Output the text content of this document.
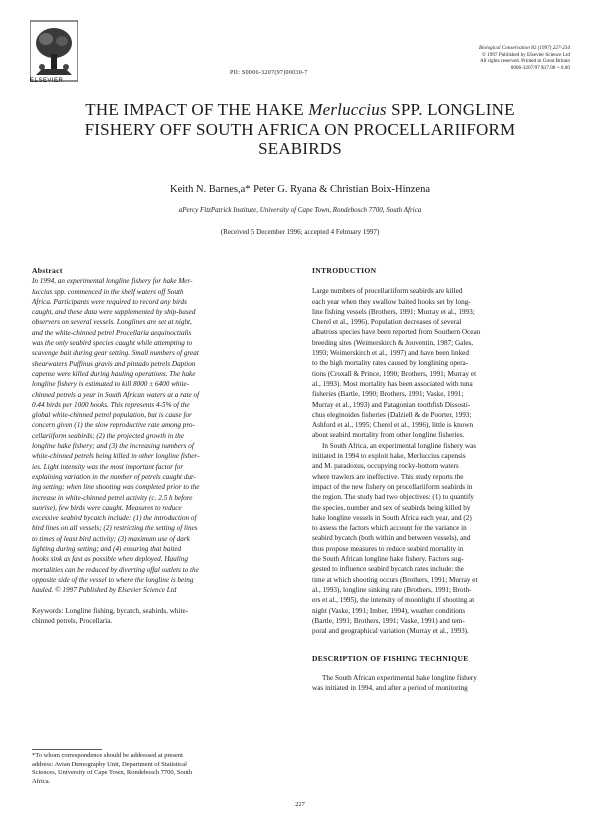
ELSEVIER
PII: S0006-3207(97)00030-7
Biological Conservation 82 (1997) 227-234
© 1997 Published by Elsevier Science Ltd
All rights reserved. Printed in Great Britain
0006-3207/97 $17.00 + 0.00
THE IMPACT OF THE HAKE Merluccius SPP. LONGLINE
FISHERY OFF SOUTH AFRICA ON PROCELLARIIFORM
SEABIRDS
Keith N. Barnes,a* Peter G. Ryana & Christian Boix-Hinzena
aPercy FitzPatrick Institute, University of Cape Town, Rondebosch 7700, South Africa
(Received 5 December 1996; accepted 4 February 1997)
Abstract
In 1994, an experimental longline fishery for hake Mer-
luccius spp. commenced in the shelf waters off South
Africa. Participants were required to record any birds
caught, and these data were supplemented by ship-based
observers on several vessels. Longlines are set at night,
and the white-chinned petrel Procellaria aequinoctialis
was the only seabird species caught while attempting to
scavenge bait during gear setting. Small numbers of great
shearwaters Puffinus gravis and pintado petrels Daption
capense were killed during hauling operations. The hake
longline fishery is estimated to kill 8000 ± 6400 white-
chinned petrels a year in South African waters at a rate of
0.44 birds per 1000 hooks. This represents 4-5% of the
global white-chinned petrel population, but is cause for
concern given (1) the slow reproductive rate among pro-
cellariiform seabirds; (2) the projected growth in the
longline hake fishery; and (3) the increasing numbers of
white-chinned petrels being killed in other longline fisher-
ies. Light intensity was the most important factor for
explaining variation in the number of petrels caught dur-
ing setting; when line shooting was completed prior to the
increase in white-chinned petrel activity (c. 2.5 h before
sunrise), few birds were caught. Measures to reduce
excessive seabird bycatch include: (1) the introduction of
bird lines on all vessels; (2) restricting the setting of lines
to times of least bird activity; (3) maximum use of dark
lighting during setting; and (4) ensuring that baited
hooks sink as fast as possible when deployed. Hauling
mortalities can be reduced by diverting offal outlets to the
opposite side of the vessel to where the longline is being
hauled. © 1997 Published by Elsevier Science Ltd
Keywords: Longline fishing, bycatch, seabirds, white-
chinned petrels, Procellaria.
*To whom correspondence should be addressed at present
address: Avian Demography Unit, Department of Statistical
Sciences, University of Cape Town, Rondebosch 7700, South
Africa.
INTRODUCTION
Large numbers of procellariiform seabirds are killed
each year when they swallow baited hooks set by long-
line fishing vessels (Brothers, 1991; Murray et al., 1993;
Cherel et al., 1996). Population decreases of several
albatross species have been reported from Southern Ocean
breeding sites (Weimerskirch & Jouventin, 1987; Gales,
1993; Weimerskirch et al., 1997) and have been linked
to the high mortality rates caused by longlining opera-
tions (Croxall & Prince, 1990; Brothers, 1991; Murray et
al., 1993). Most mortality has been associated with tuna
fisheries (Bartle, 1990; Brothers, 1991; Vaske, 1991;
Murray et al., 1993) and Patagonian toothfish Dissosti-
chus eleginoides fisheries (Dalziell & de Poorter, 1993;
Ashford et al., 1995; Cherel et al., 1996), little is known
about seabird mortality from other longline fisheries.
In South Africa, an experimental longline fishery was
initiated in 1994 to exploit hake, Merluccius capensis
and M. paradoxus, occupying rocky-bottom waters
where trawlers are ineffective. This study reports the
impact of the new fishery on procellariiform seabirds in
the region. The study had two objectives: (1) to quantify
the species, number and sex of seabirds being killed by
hake longline vessels in South Africa each year, and (2)
to assess the factors which account for the variance in
seabird bycatch (both within and between vessels), and
thus propose measures to reduce seabird mortality in
the South African longline hake fishery. Factors sug-
gested to influence seabird bycatch rates include: the
time at which shooting occurs (Brothers, 1991; Murray et
al., 1993), longline sinking rate (Brothers, 1991; Broth-
ers et al., 1995), the intensity of moonlight if shooting at
night (Vaske, 1991; Imber, 1994), weather conditions
(Bartle, 1991; Brothers, 1991; Vaske, 1991) and tem-
poral and geographical variation (Murray et al., 1993).
DESCRIPTION OF FISHING TECHNIQUE
The South African experimental hake longline fishery
was initiated in 1994, and after a period of monitoring
227
